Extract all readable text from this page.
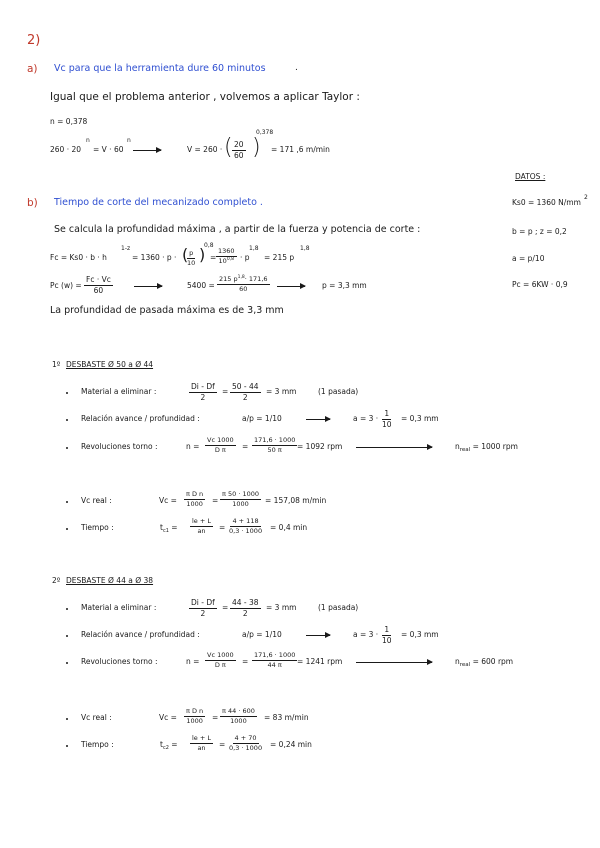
2)
a) Vc para que la herramienta dure 60 minutos	.
Igual que el problema anterior , volvemos a aplicar Taylor :
n = 0,378
260 · 20
n
= V · 60
n
V = 260 · ( $\frac{20}{60}$ )
0,378
= 171 ,6 m/min
DATOS :
Ks0 = 1360 N/mm
2
b = p ; z = 0,2
a = p/10
Pc = 6KW · 0,9
b) Tiempo de corte del mecanizado completo .
Se calcula la profundidad máxima , a partir de la fuerza y potencia de corte :
Fc = Ks0 · b · h
1-z
= 1360 · p · (
$\frac{p}{10}$ )
0,8
= $\frac{1360}{10^{0,8}} \cdot p$
1,8
= 215 p
1,8
Pc $(w) = \frac{Fc \cdot Vc}{60}$	$5400 = \frac{215 p^{1,8}\cdot 171,6}{60}$	p = 3,3 mm
La profundidad de pasada máxima es de 3,3 mm
1º DESBASTE Ø 50 a Ø 44
Material a eliminar :	$\frac{Di - Df}{2} = \frac{50 - 44}{2} = 3$ mm	(1 pasada)
Relación avance / profundidad :	a/p = 1/10	$a = 3 \cdot \frac{1}{10} = 0,3$ mm
Revoluciones torno :	$n = \frac{Vc 1000}{\text{D π}} = \frac{171,6 \cdot 1000}{50 \pi} = 1092$ rpm	$n_{real} = 1000$ rpm
Vc real :	$Vc = \frac{\text{π D n}}{1000} = \frac{\pi 50 \cdot 1000}{1000} = 157,08$ m/min
Tiempo :	$t_{c1} = \frac{le + L}{an} = \frac{4 + 118}{0,3 \cdot 1000} = 0,4$ min
2º DESBASTE Ø 44 a Ø 38
Material a eliminar :	$\frac{Di - Df}{2} = \frac{44 - 38}{2} = 3$ mm	(1 pasada)
Relación avance / profundidad :	a/p = 1/10	$a = 3 \cdot \frac{1}{10} = 0,3$ mm
Revoluciones torno :	$n = \frac{Vc 1000}{\text{D π}} = \frac{171,6 \cdot 1000}{44 \pi} = 1241$ rpm	$n_{real} = 600$ rpm
Vc real :	$Vc = \frac{\text{π D n}}{1000} = \frac{\pi 44 \cdot 600}{1000} = 83$ m/min
Tiempo :	$t_{c2} = \frac{le + L}{an} = \frac{4 + 70}{0,3 \cdot 1000} = 0,24$ min
